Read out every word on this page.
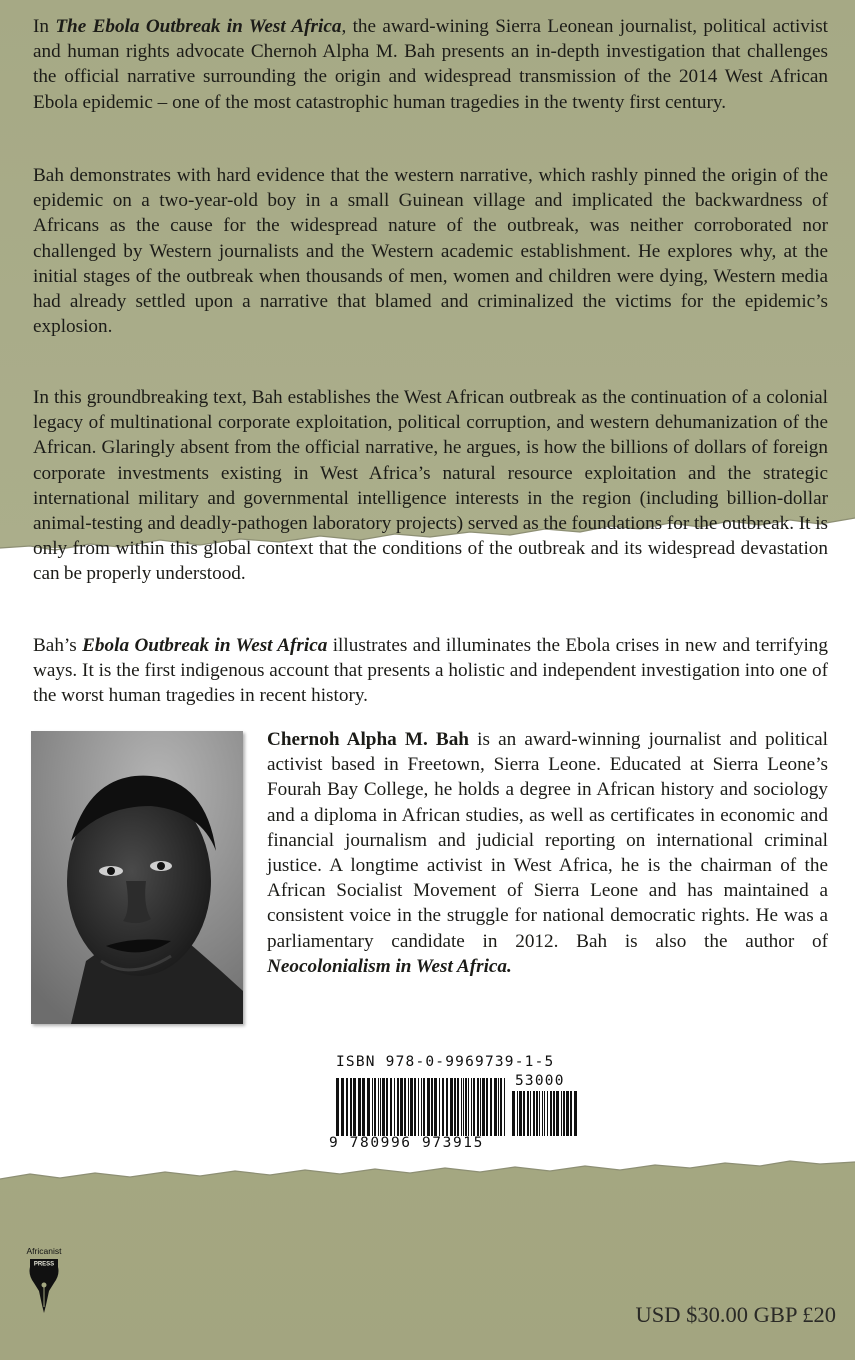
In The Ebola Outbreak in West Africa, the award-wining Sierra Leonean journalist, political activist and human rights advocate Chernoh Alpha M. Bah presents an in-depth investigation that challenges the official narrative surrounding the origin and widespread transmission of the 2014 West African Ebola epidemic – one of the most catastrophic human tragedies in the twenty first century.

Bah demonstrates with hard evidence that the western narrative, which rashly pinned the origin of the epidemic on a two-year-old boy in a small Guinean village and implicated the backwardness of Africans as the cause for the widespread nature of the outbreak, was neither corroborated nor challenged by Western journalists and the Western academic establishment. He explores why, at the initial stages of the outbreak when thousands of men, women and children were dying, Western media had already settled upon a narrative that blamed and criminalized the victims for the epidemic’s explosion.

In this groundbreaking text, Bah establishes the West African outbreak as the continuation of a colonial legacy of multinational corporate exploitation, political corruption, and western dehumanization of the African. Glaringly absent from the official narrative, he argues, is how the billions of dollars of foreign corporate investments existing in West Africa’s natural resource exploitation and the strategic international military and governmental intelligence interests in the region (including billion-dollar animal-testing and deadly-pathogen laboratory projects) served as the foundations for the outbreak. It is only from within this global context that the conditions of the outbreak and its widespread devastation can be properly understood.

Bah’s Ebola Outbreak in West Africa illustrates and illuminates the Ebola crises in new and terrifying ways. It is the first indigenous account that presents a holistic and independent investigation into one of the worst human tragedies in recent history.

Chernoh Alpha M. Bah is an award-winning journalist and political activist based in Freetown, Sierra Leone. Educated at Sierra Leone’s Fourah Bay College, he holds a degree in African history and sociology and a diploma in African studies, as well as certificates in economic and financial journalism and judicial reporting on international criminal justice. A longtime activist in West Africa, he is the chairman of the African Socialist Movement of Sierra Leone and has maintained a consistent voice in the struggle for national democratic rights. He was a parliamentary candidate in 2012. Bah is also the author of Neocolonialism in West Africa.

ISBN 978-0-9969739-1-5
53000
9 780996 973915
Africanist
PRESS
USD $30.00 GBP £20
